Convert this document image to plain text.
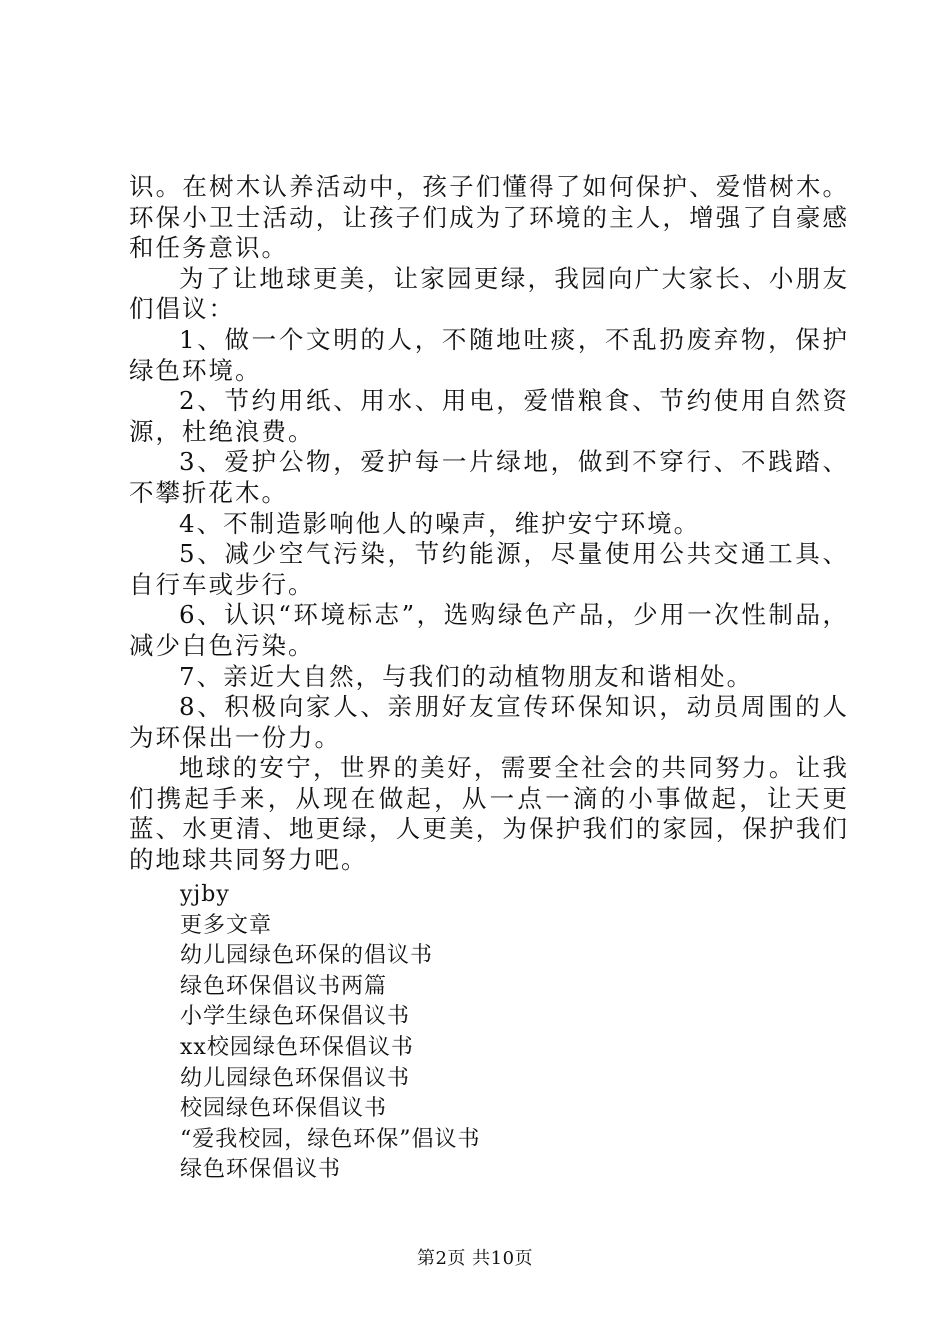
识。在树木认养活动中，孩子们懂得了如何保护、爱惜树木。环保小卫士活动，让孩子们成为了环境的主人，增强了自豪感和任务意识。

为了让地球更美，让家园更绿，我园向广大家长、小朋友们倡议：

1、做一个文明的人，不随地吐痰，不乱扔废弃物，保护绿色环境。

2、节约用纸、用水、用电，爱惜粮食、节约使用自然资源，杜绝浪费。

3、爱护公物，爱护每一片绿地，做到不穿行、不践踏、不攀折花木。

4、不制造影响他人的噪声，维护安宁环境。

5、减少空气污染，节约能源，尽量使用公共交通工具、自行车或步行。

6、认识“环境标志”，选购绿色产品，少用一次性制品，减少白色污染。

7、亲近大自然，与我们的动植物朋友和谐相处。

8、积极向家人、亲朋好友宣传环保知识，动员周围的人为环保出一份力。

地球的安宁，世界的美好，需要全社会的共同努力。让我们携起手来，从现在做起，从一点一滴的小事做起，让天更蓝、水更清、地更绿，人更美，为保护我们的家园，保护我们的地球共同努力吧。

yjby
更多文章
幼儿园绿色环保的倡议书
绿色环保倡议书两篇
小学生绿色环保倡议书
xx校园绿色环保倡议书
幼儿园绿色环保倡议书
校园绿色环保倡议书
“爱我校园，绿色环保”倡议书
绿色环保倡议书
第2页 共10页
